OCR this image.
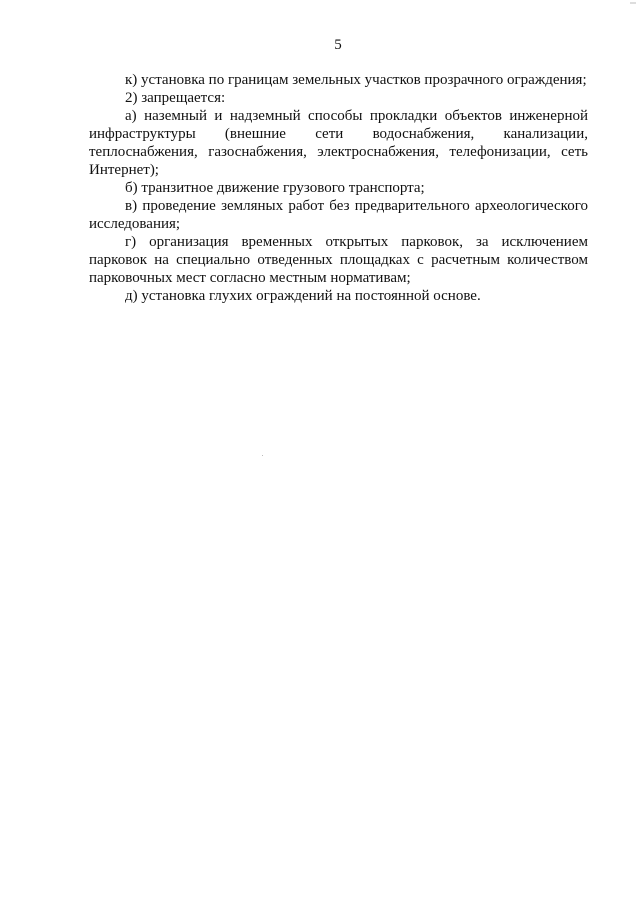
5

к) установка по границам земельных участков прозрачного ограждения;

2) запрещается:

а) наземный и надземный способы прокладки объектов инженерной инфраструктуры (внешние сети водоснабжения, канализации, теплоснабжения, газоснабжения, электроснабжения, телефонизации, сеть Интернет);

б) транзитное движение грузового транспорта;

в) проведение земляных работ без предварительного археологического исследования;

г) организация временных открытых парковок, за исключением парковок на специально отведенных площадках с расчетным количеством парковочных мест согласно местным нормативам;

д) установка глухих ограждений на постоянной основе.
